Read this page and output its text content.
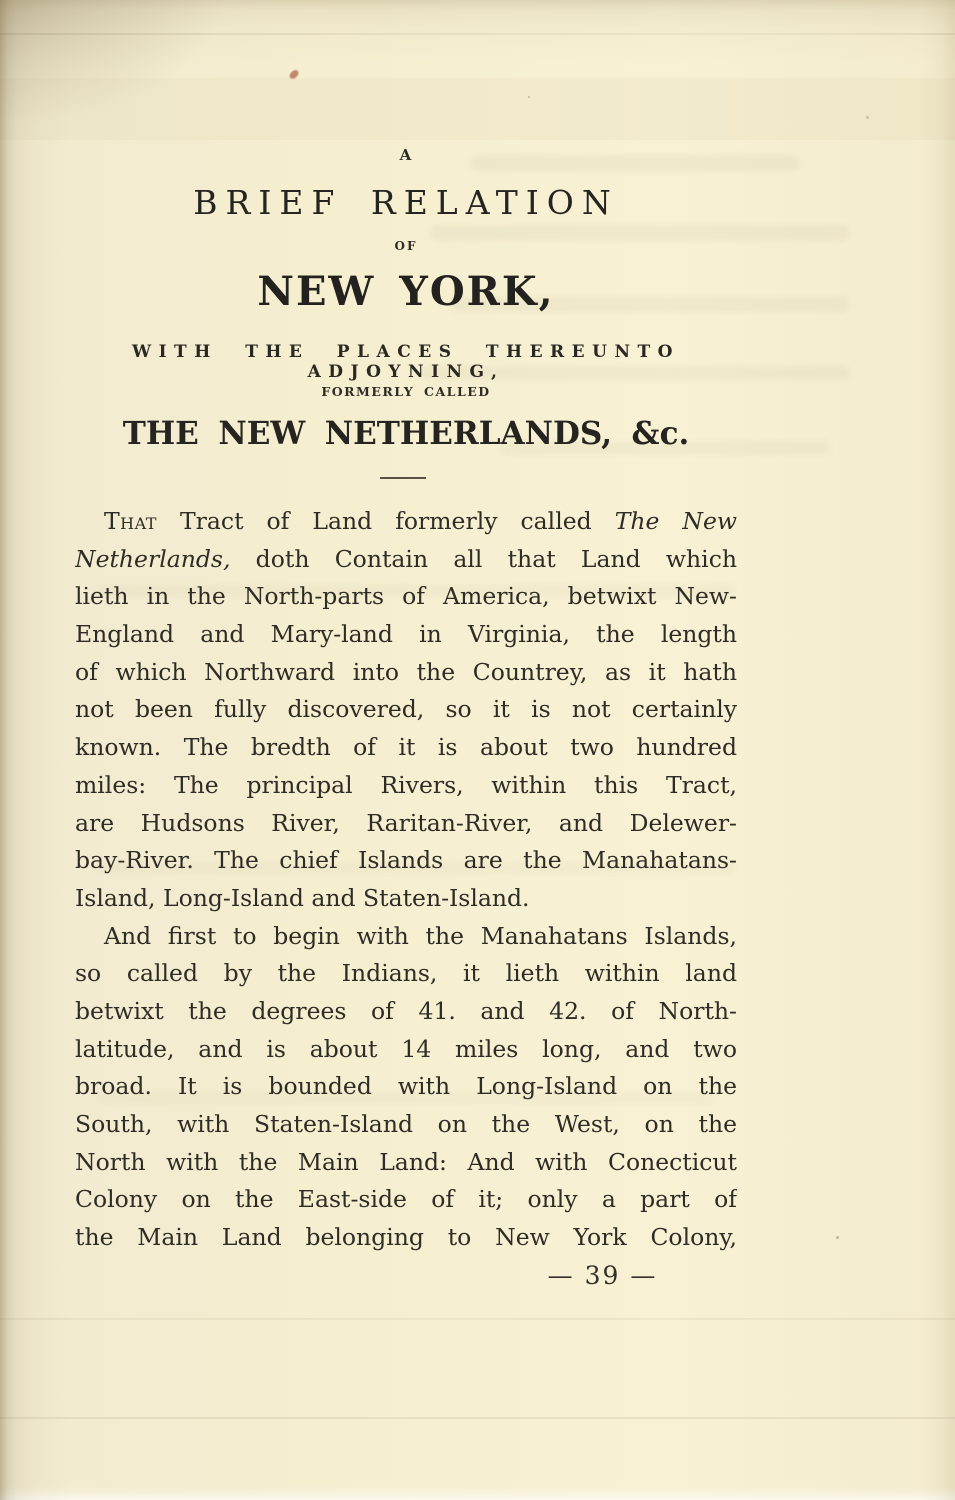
A
BRIEF RELATION
OF
NEW YORK,
WITH THE PLACES THEREUNTO ADJOYNING,
FORMERLY CALLED
THE NEW NETHERLANDS, &c.
That Tract of Land formerly called The New
Netherlands, doth Contain all that Land which
lieth in the North-parts of America, betwixt New-
England and Mary-land in Virginia, the length
of which Northward into the Countrey, as it hath
not been fully discovered, so it is not certainly
known. The bredth of it is about two hundred
miles: The principal Rivers, within this Tract,
are Hudsons River, Raritan-River, and Delewer-
bay-River. The chief Islands are the Manahatans-
Island, Long-Island and Staten-Island.
And first to begin with the Manahatans Islands,
so called by the Indians, it lieth within land
betwixt the degrees of 41. and 42. of North-
latitude, and is about 14 miles long, and two
broad. It is bounded with Long-Island on the
South, with Staten-Island on the West, on the
North with the Main Land: And with Conecticut
Colony on the East-side of it; only a part of
the Main Land belonging to New York Colony,
— 39 —
